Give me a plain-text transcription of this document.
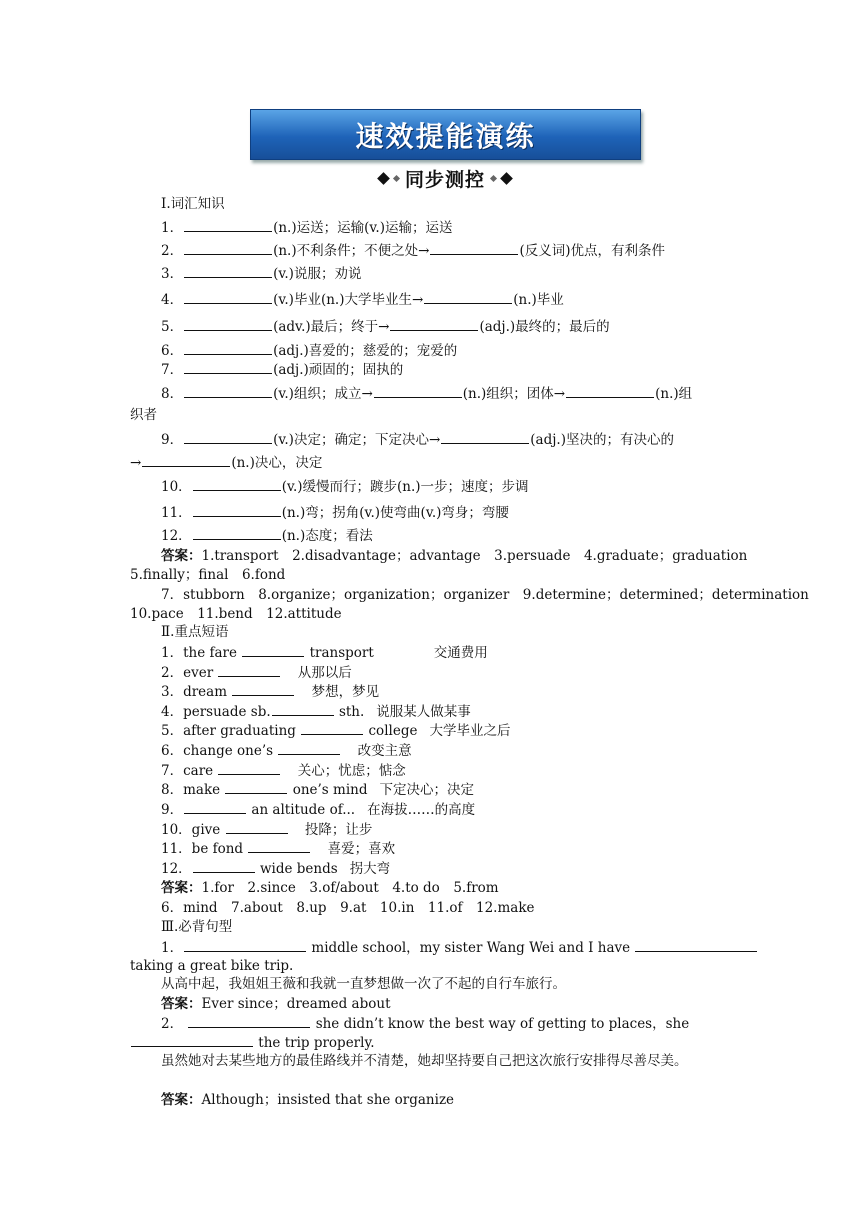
速效提能演练
同步测控
Ⅰ.词汇知识
1．	(n.)运送；运输(v.)运输；运送
2．	(n.)不利条件；不便之处→	(反义词)优点，有利条件
3．	(v.)说服；劝说
4．	(v.)毕业(n.)大学毕业生→	(n.)毕业
5．	(adv.)最后；终于→	(adj.)最终的；最后的
6．	(adj.)喜爱的；慈爱的；宠爱的
7．	(adj.)顽固的；固执的
8．	(v.)组织；成立→	(n.)组织；团体→	(n.)组
织者
9．	(v.)决定；确定；下定决心→	(adj.)坚决的；有决心的
→	(n.)决心，决定
10．	(v.)缓慢而行；踱步(n.)一步；速度；步调
11．	(n.)弯；拐角(v.)使弯曲(v.)弯身；弯腰
12．	(n.)态度；看法
答案：1.transport　2.disadvantage；advantage　3.persuade　4.graduate；graduation
5.finally；final　6.fond
7．stubborn　8.organize；organization；organizer　9.determine；determined；determination
10.pace　11.bend　12.attitude
Ⅱ.重点短语
1．the fare	transport	交通费用
2．ever	从那以后
3．dream	梦想，梦见
4．persuade sb.	sth. 说服某人做某事
5．after graduating	college 大学毕业之后
6．change one’s	改变主意
7．care	关心；忧虑；惦念
8．make	one’s mind 下定决心；决定
9．	an altitude of... 在海拔……的高度
10．give	投降；让步
11．be fond	喜爱；喜欢
12．	wide bends 拐大弯
答案：1.for　2.since　3.of/about　4.to do　5.from
6．mind　7.about　8.up　9.at　10.in　11.of　12.make
Ⅲ.必背句型
1．	middle school，my sister Wang Wei and I have
taking a great bike trip.
从高中起，我姐姐王薇和我就一直梦想做一次了不起的自行车旅行。
答案：Ever since；dreamed about
2．	she didn’t know the best way of getting to places，she
the trip properly.
虽然她对去某些地方的最佳路线并不清楚，她却坚持要自己把这次旅行安排得尽善尽美。
答案：Although；insisted that she organize
